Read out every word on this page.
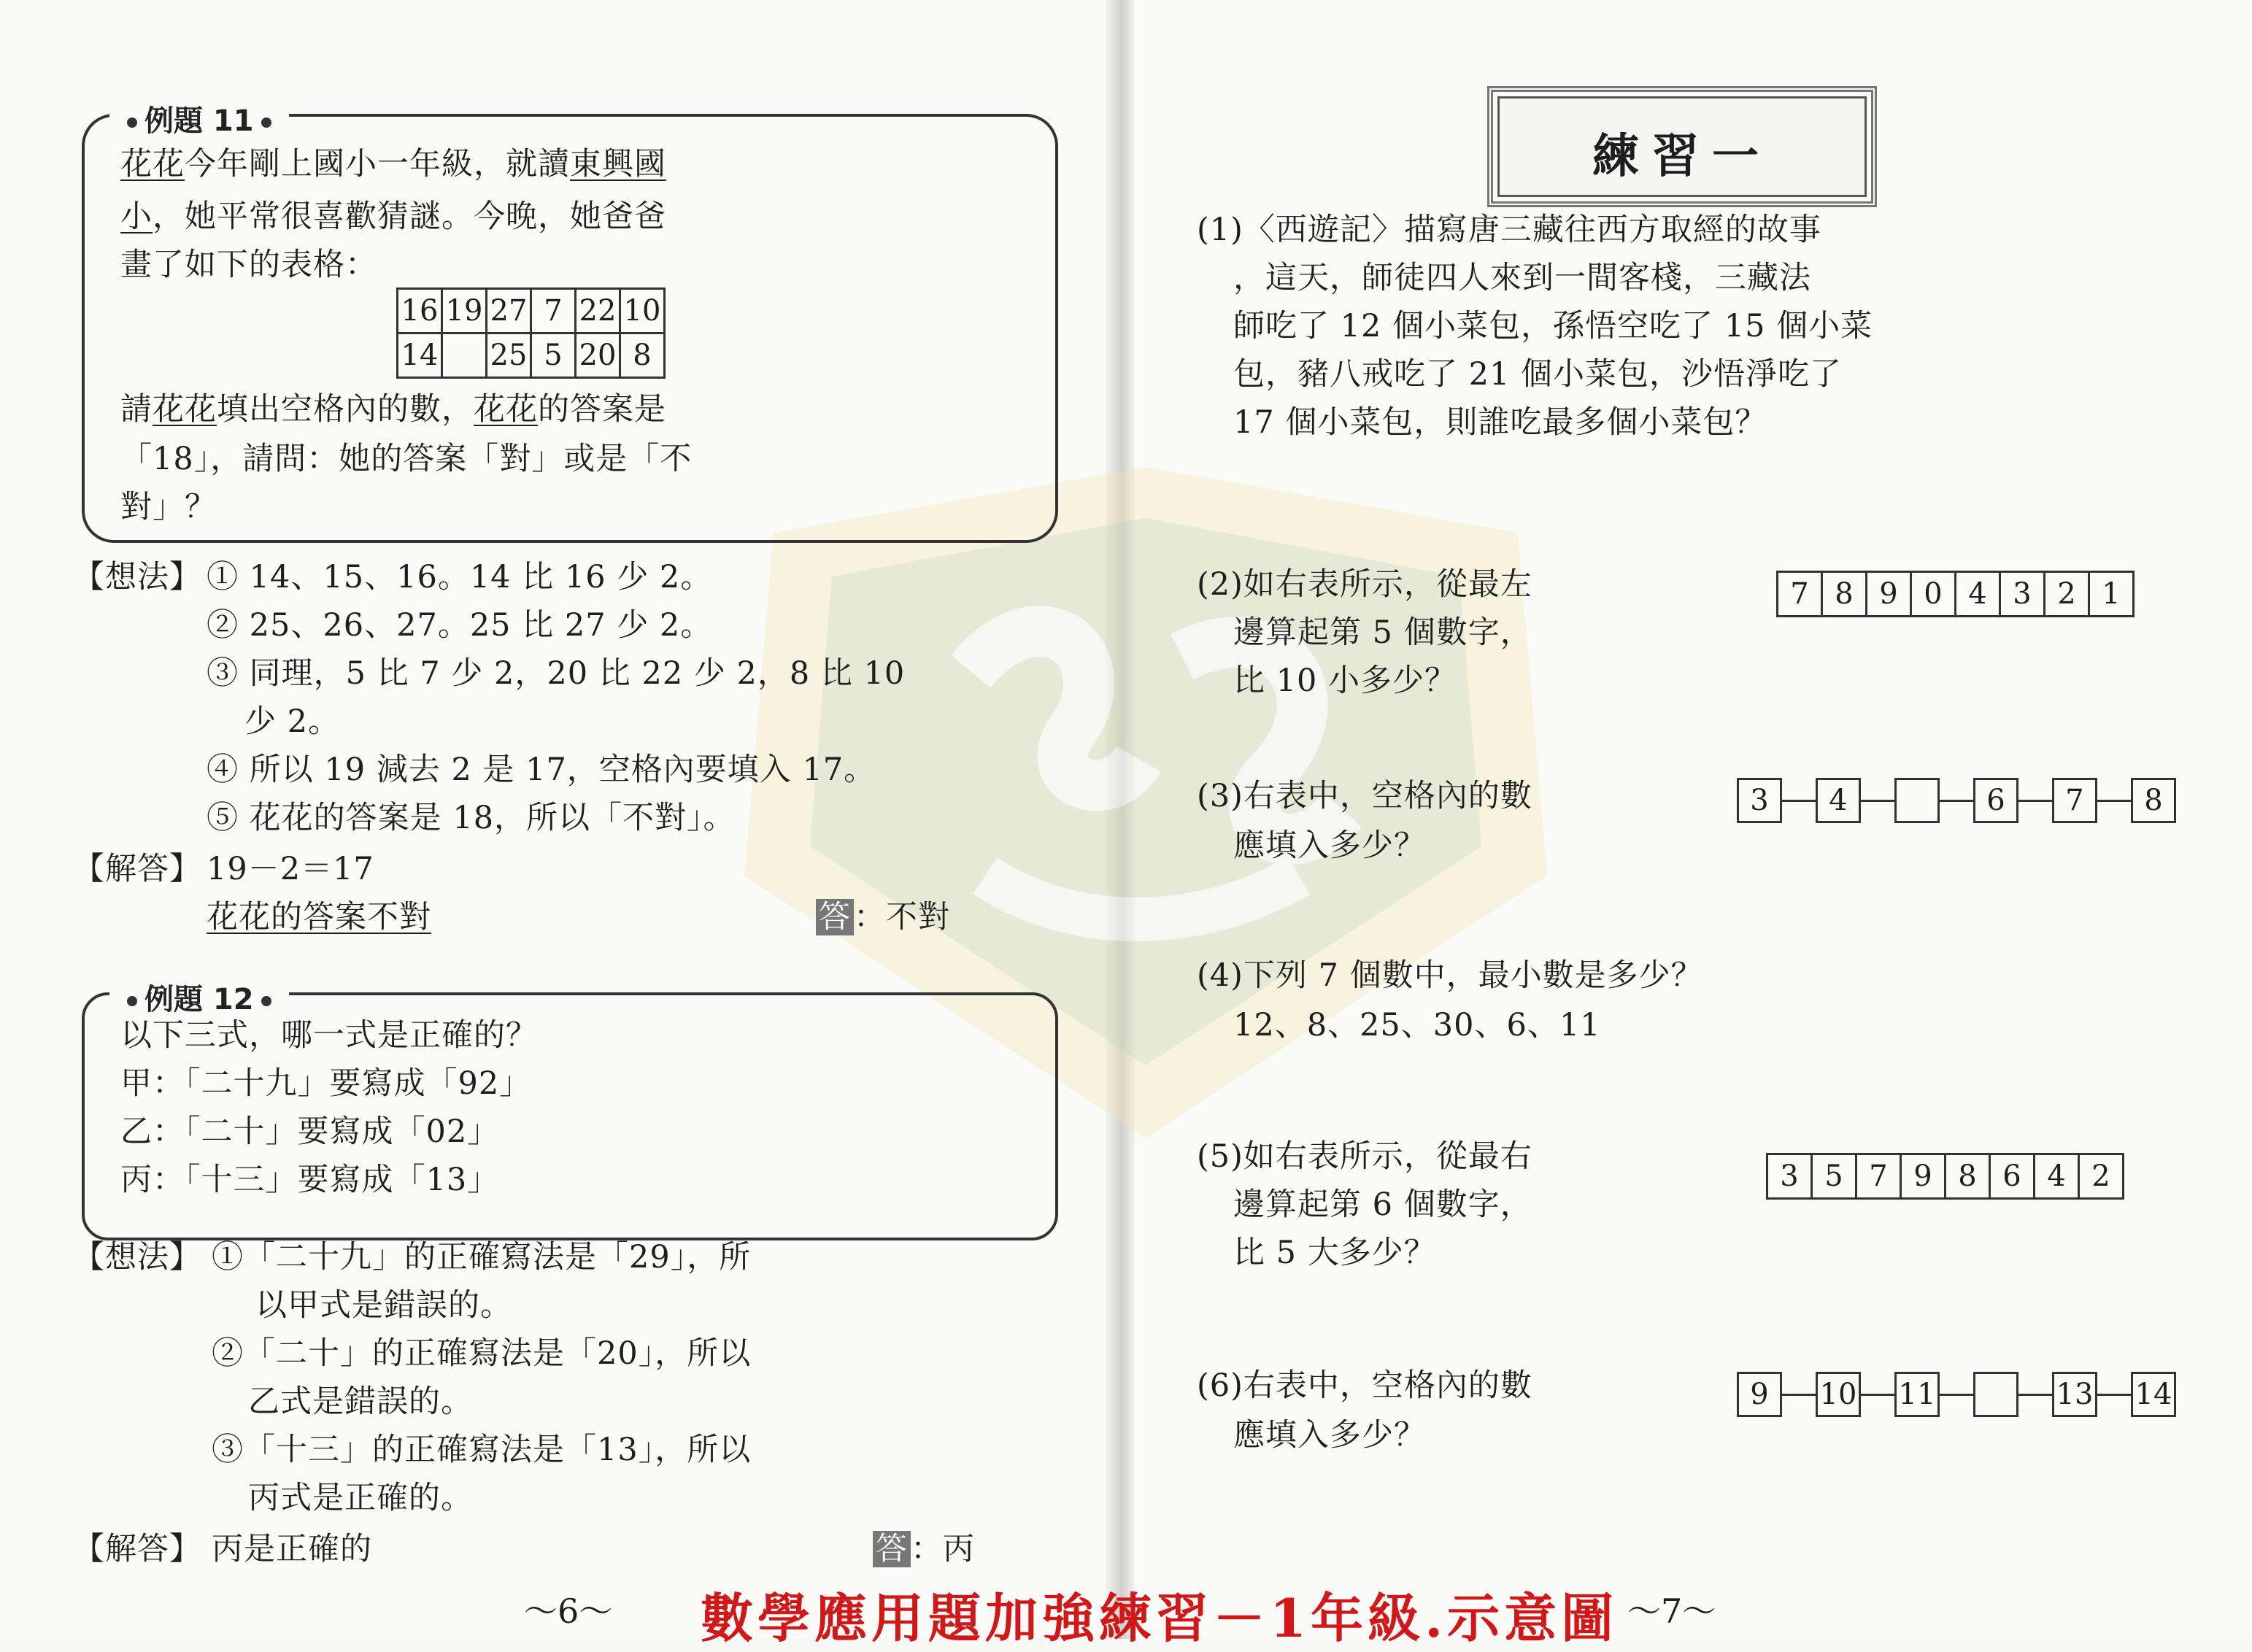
例題 11
花花今年剛上國小一年級，就讀東興國
小，她平常很喜歡猜謎。今晚，她爸爸
畫了如下的表格：
16	19	27	7	22	10
14		25	5	20	8
請花花填出空格內的數，花花的答案是
「18」，請問：她的答案「對」或是「不
對」？
【想法】 ① 14、15、16。14 比 16 少 2。
② 25、26、27。25 比 27 少 2。
③ 同理，5 比 7 少 2，20 比 22 少 2，8 比 10
少 2。
④ 所以 19 減去 2 是 17，空格內要填入 17。
⑤ 花花的答案是 18，所以「不對」。
【解答】 19－2＝17
花花的答案不對	答：不對
例題 12
以下三式，哪一式是正確的？
甲：「二十九」要寫成「92」
乙：「二十」要寫成「02」
丙：「十三」要寫成「13」
【想法】 ①「二十九」的正確寫法是「29」，所
以甲式是錯誤的。
②「二十」的正確寫法是「20」，所以
乙式是錯誤的。
③「十三」的正確寫法是「13」，所以
丙式是正確的。
【解答】 丙是正確的	答：丙
～6～
練習一
(1)〈西遊記〉描寫唐三藏往西方取經的故事
，這天，師徒四人來到一間客棧，三藏法
師吃了 12 個小菜包，孫悟空吃了 15 個小菜
包，豬八戒吃了 21 個小菜包，沙悟淨吃了
17 個小菜包，則誰吃最多個小菜包？
(2)如右表所示，從最左
邊算起第 5 個數字，
比 10 小多少？
7	8	9	0	4	3	2	1
(3)右表中，空格內的數
應填入多少？
3	4	6	7	8
(4)下列 7 個數中，最小數是多少？
12、8、25、30、6、11
(5)如右表所示，從最右
邊算起第 6 個數字，
比 5 大多少？
3	5	7	9	8	6	4	2
(6)右表中，空格內的數
應填入多少？
9	10 11	13 14
～7～
數學應用題加強練習－1年級.示意圖
